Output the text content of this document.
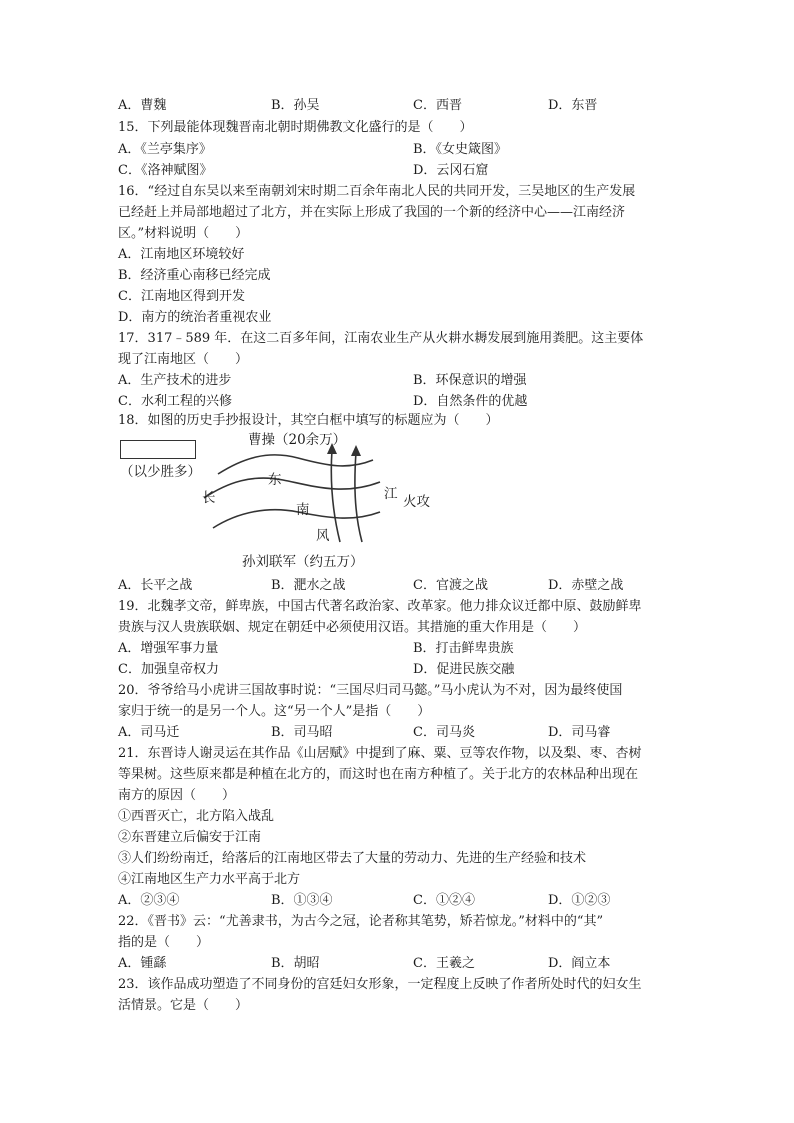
A．曹魏	B．孙吴	C．西晋	D．东晋
15．下列最能体现魏晋南北朝时期佛教文化盛行的是（　　）
A．《兰亭集序》	B．《女史箴图》
C．《洛神赋图》	D．云冈石窟
16．“经过自东吴以来至南朝刘宋时期二百余年南北人民的共同开发，三吴地区的生产发展
已经赶上并局部地超过了北方，并在实际上形成了我国的一个新的经济中心——江南经济
区。”材料说明（　　）
A．江南地区环境较好
B．经济重心南移已经完成
C．江南地区得到开发
D．南方的统治者重视农业
17．317﹣589 年．在这二百多年间，江南农业生产从火耕水耨发展到施用粪肥。这主要体
现了江南地区（　　）
A．生产技术的进步	B．环保意识的增强
C．水利工程的兴修	D．自然条件的优越
18．如图的历史手抄报设计，其空白框中填写的标题应为（　　）
曹操（20余万）
（以少胜多）
长
东
南
风
江 火攻
孙刘联军（约五万）
A．长平之战	B．淝水之战	C．官渡之战	D．赤壁之战
19．北魏孝文帝，鲜卑族，中国古代著名政治家、改革家。他力排众议迁都中原、鼓励鲜卑
贵族与汉人贵族联姻、规定在朝廷中必须使用汉语。其措施的重大作用是（　　）
A．增强军事力量	B．打击鲜卑贵族
C．加强皇帝权力	D．促进民族交融
20．爷爷给马小虎讲三国故事时说：“三国尽归司马懿。”马小虎认为不对，因为最终使国
家归于统一的是另一个人。这“另一个人”是指（　　）
A．司马迁	B．司马昭	C．司马炎	D．司马睿
21．东晋诗人谢灵运在其作品《山居赋》中提到了麻、粟、豆等农作物，以及梨、枣、杏树
等果树。这些原来都是种植在北方的，而这时也在南方种植了。关于北方的农林品种出现在
南方的原因（　　）
①西晋灭亡，北方陷入战乱
②东晋建立后偏安于江南
③人们纷纷南迁，给落后的江南地区带去了大量的劳动力、先进的生产经验和技术
④江南地区生产力水平高于北方
A．②③④	B．①③④	C．①②④	D．①②③
22．《晋书》云：“尤善隶书，为古今之冠，论者称其笔势，矫若惊龙。”材料中的“其”
指的是（　　）
A．锺繇	B．胡昭	C．王羲之	D．阎立本
23．该作品成功塑造了不同身份的宫廷妇女形象，一定程度上反映了作者所处时代的妇女生
活情景。它是（　　）
